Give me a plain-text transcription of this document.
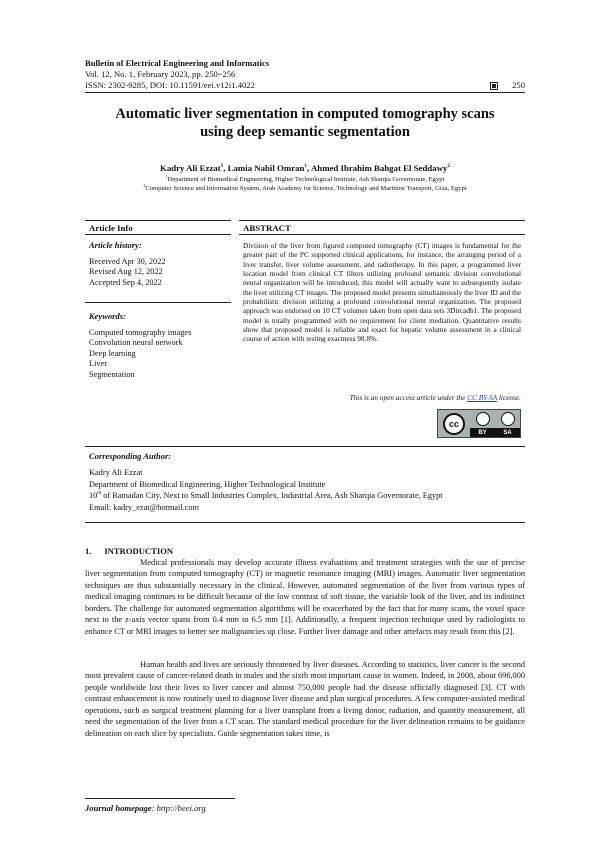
Bulletin of Electrical Engineering and Informatics
Vol. 12, No. 1, February 2023, pp. 250~256
ISSN: 2302-9285, DOI: 10.11591/eei.v12i1.4022	250
Automatic liver segmentation in computed tomography scans
using deep semantic segmentation
Kadry Ali Ezzat$^1$, Lamia Nabil Omran$^1$, Ahmed Ibrahim Bahgat El Seddawy$^2$
$^1$Department of Biomedical Engineering, Higher Technological Institute, Ash Sharqia Governorate, Egypt
$^2$Computer Science and Information System, Arab Academy for Science, Technology and Maritime Transport, Giza, Egypt
Article Info	ABSTRACT
Article history:
Received Apr 30, 2022
Revised Aug 12, 2022
Accepted Sep 4, 2022
Keywords:
Computed tomography images
Convolution neural network
Deep learning
Liver
Segmentation
Division of the liver from figured computed tomography (CT) images is fundamental for the greater part of the PC supported clinical applications, for instance, the arranging period of a liver transfer, liver volume assessment, and radiotherapy. In this paper, a programmed liver location model from clinical CT filters utilizing profound semantic division convolutional neural organization will be introduced, this model will actually want to subsequently isolate the liver utilizing CT images. The proposed model presents simultaneously the liver ID and the probabilistic division utilizing a profound convolutional neural organization. The proposed approach was endorsed on 10 CT volumes taken from open data sets 3Dircadb1. The proposed model is totally programmed with no requirement for client mediation. Quantitative results show that proposed model is reliable and exact for hepatic volume assessment in a clinical course of action with testing exactness 98.8%.
This is an open access article under the CC BY-SA license.
cc
BY	SA
Corresponding Author:
Kadry Ali Ezzat
Department of Biomedical Engineering, Higher Technological Institute
10th of Ramadan City, Next to Small Industries Complex, Industrial Area, Ash Sharqia Governorate, Egypt
Email: kadry_ezat@hotmail.com
1.      INTRODUCTION

Medical professionals may develop accurate illness evaluations and treatment strategies with the use of precise liver segmentation from computed tomography (CT) or magnetic resonance imaging (MRI) images. Automatic liver segmentation techniques are thus substantially necessary in the clinical. However, automated segmentation of the liver from various types of medical imaging continues to be difficult because of the low contrast of soft tissue, the variable look of the liver, and its indistinct borders. The challenge for automated segmentation algorithms will be exacerbated by the fact that for many scans, the voxel space next to the z-axis vector spans from 0.4 mm to 6.5 mm [1]. Additionally, a frequent injection technique used by radiologists to enhance CT or MRI images to better see malignancies up close. Further liver damage and other artefacts may result from this [2].

Human health and lives are seriously threatened by liver diseases. According to statistics, liver cancer is the second most prevalent cause of cancer-related death in males and the sixth most important cause in women. Indeed, in 2008, about 696,000 people worldwide lost their lives to liver cancer and almost 750,000 people had the disease officially diagnosed [3]. CT with contrast enhancement is now routinely used to diagnose liver disease and plan surgical procedures. A few computer-assisted medical operations, such as surgical treatment planning for a liver transplant from a living donor, radiation, and quantity measurement, all need the segmentation of the liver from a CT scan. The standard medical procedure for the liver delineation remains to be guidance delineation on each slice by specialists. Guide segmentation takes time, is

Journal homepage: http://beei.org
